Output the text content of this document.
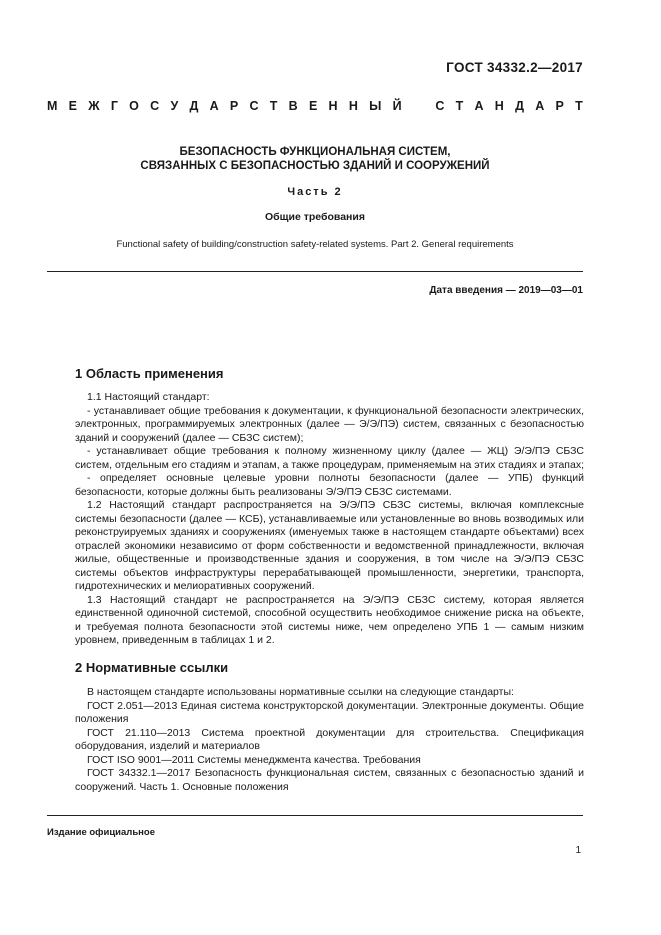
ГОСТ 34332.2—2017
М Е Ж Г О С У Д А Р С Т В Е Н Н Ы Й	С Т А Н Д А Р Т
БЕЗОПАСНОСТЬ ФУНКЦИОНАЛЬНАЯ СИСТЕМ,
СВЯЗАННЫХ С БЕЗОПАСНОСТЬЮ ЗДАНИЙ И СООРУЖЕНИЙ
Часть 2
Общие требования
Functional safety of building/construction safety-related systems. Part 2. General requirements
Дата введения — 2019—03—01
1 Область применения

1.1 Настоящий стандарт:

- устанавливает общие требования к документации, к функциональной безопасности электрических, электронных, программируемых электронных (далее — Э/Э/ПЭ) систем, связанных с безопасностью зданий и сооружений (далее — СБЗС систем);

- устанавливает общие требования к полному жизненному циклу (далее — ЖЦ) Э/Э/ПЭ СБЗС систем, отдельным его стадиям и этапам, а также процедурам, применяемым на этих стадиях и этапах;

- определяет основные целевые уровни полноты безопасности (далее — УПБ) функций безопасности, которые должны быть реализованы Э/Э/ПЭ СБЗС системами.

1.2 Настоящий стандарт распространяется на Э/Э/ПЭ СБЗС системы, включая комплексные системы безопасности (далее — КСБ), устанавливаемые или установленные во вновь возводимых или реконструируемых зданиях и сооружениях (именуемых также в настоящем стандарте объектами) всех отраслей экономики независимо от форм собственности и ведомственной принадлежности, включая жилые, общественные и производственные здания и сооружения, в том числе на Э/Э/ПЭ СБЗС системы объектов инфраструктуры перерабатывающей промышленности, энергетики, транспорта, гидротехнических и мелиоративных сооружений.

1.3 Настоящий стандарт не распространяется на Э/Э/ПЭ СБЗС систему, которая является единственной одиночной системой, способной осуществить необходимое снижение риска на объекте, и требуемая полнота безопасности этой системы ниже, чем определено УПБ 1 — самым низким уровнем, приведенным в таблицах 1 и 2.

2 Нормативные ссылки

В настоящем стандарте использованы нормативные ссылки на следующие стандарты:

ГОСТ 2.051—2013 Единая система конструкторской документации. Электронные документы. Общие положения

ГОСТ 21.110—2013 Система проектной документации для строительства. Спецификация оборудования, изделий и материалов

ГОСТ ISO 9001—2011 Системы менеджмента качества. Требования

ГОСТ 34332.1—2017 Безопасность функциональная систем, связанных с безопасностью зданий и сооружений. Часть 1. Основные положения

Издание официальное
1
